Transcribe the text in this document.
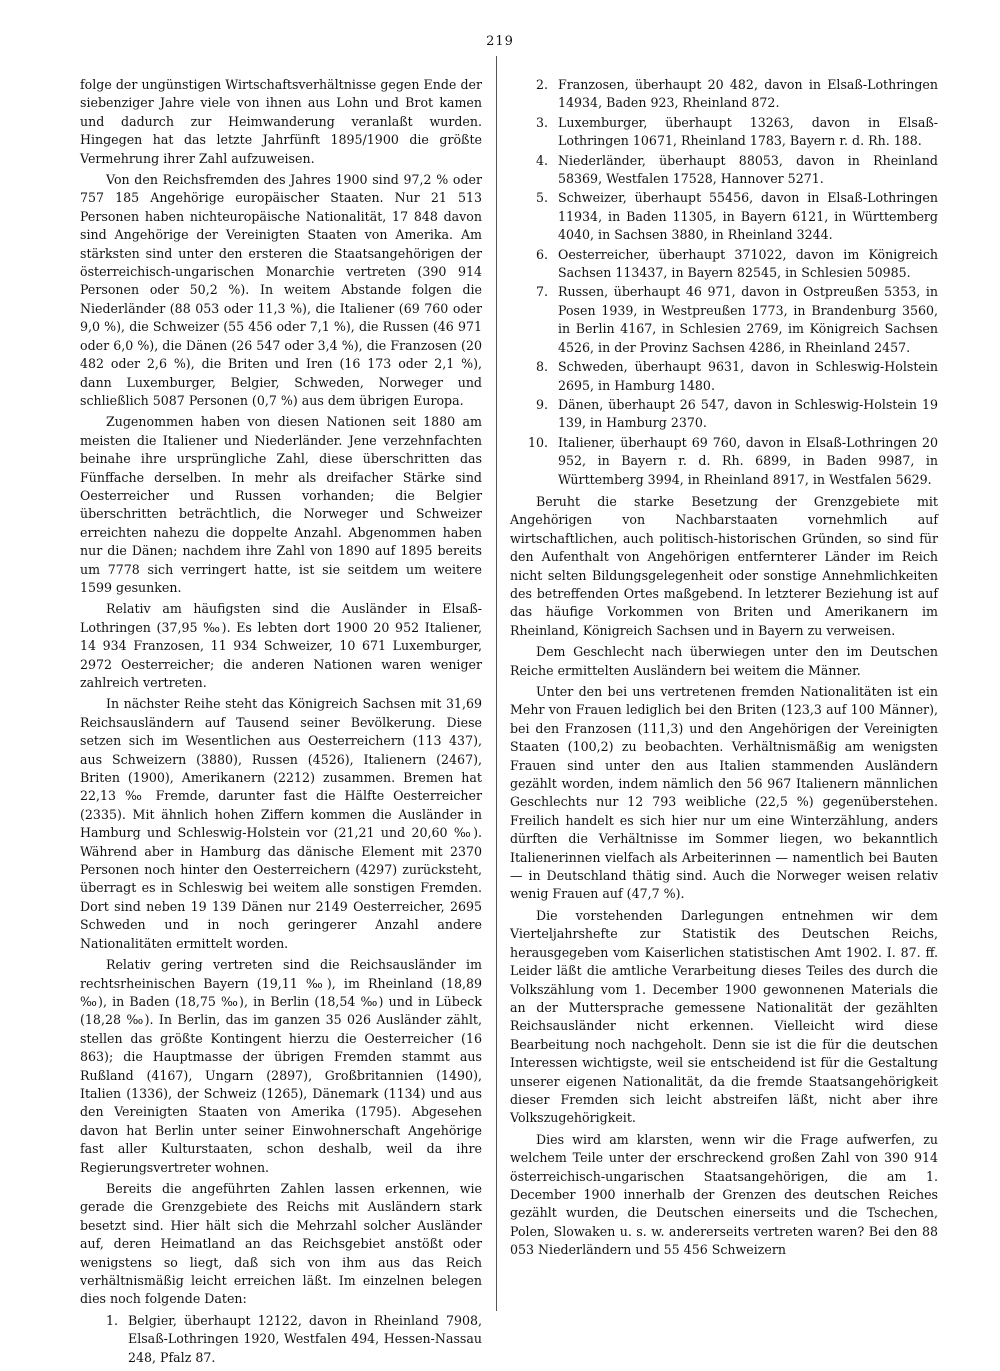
219

folge der ungünstigen Wirtschaftsverhältnisse gegen Ende der siebenziger Jahre viele von ihnen aus Lohn und Brot kamen und dadurch zur Heimwanderung veranlaßt wurden. Hingegen hat das letzte Jahrfünft 1895/1900 die größte Vermehrung ihrer Zahl aufzuweisen.

Von den Reichsfremden des Jahres 1900 sind 97,2 % oder 757 185 Angehörige europäischer Staaten. Nur 21 513 Personen haben nichteuropäische Nationalität, 17 848 davon sind Angehörige der Vereinigten Staaten von Amerika. Am stärksten sind unter den ersteren die Staatsangehörigen der österreichisch-ungarischen Monarchie vertreten (390 914 Personen oder 50,2 %). In weitem Abstande folgen die Niederländer (88 053 oder 11,3 %), die Italiener (69 760 oder 9,0 %), die Schweizer (55 456 oder 7,1 %), die Russen (46 971 oder 6,0 %), die Dänen (26 547 oder 3,4 %), die Franzosen (20 482 oder 2,6 %), die Briten und Iren (16 173 oder 2,1 %), dann Luxemburger, Belgier, Schweden, Norweger und schließlich 5087 Personen (0,7 %) aus dem übrigen Europa.

Zugenommen haben von diesen Nationen seit 1880 am meisten die Italiener und Niederländer. Jene verzehnfachten beinahe ihre ursprüngliche Zahl, diese überschritten das Fünffache derselben. In mehr als dreifacher Stärke sind Oesterreicher und Russen vorhanden; die Belgier überschritten beträchtlich, die Norweger und Schweizer erreichten nahezu die doppelte Anzahl. Abgenommen haben nur die Dänen; nachdem ihre Zahl von 1890 auf 1895 bereits um 7778 sich verringert hatte, ist sie seitdem um weitere 1599 gesunken.

Relativ am häufigsten sind die Ausländer in Elsaß-Lothringen (37,95 ‰). Es lebten dort 1900 20 952 Italiener, 14 934 Franzosen, 11 934 Schweizer, 10 671 Luxemburger, 2972 Oesterreicher; die anderen Nationen waren weniger zahlreich vertreten.

In nächster Reihe steht das Königreich Sachsen mit 31,69 Reichsausländern auf Tausend seiner Bevölkerung. Diese setzen sich im Wesentlichen aus Oesterreichern (113 437), aus Schweizern (3880), Russen (4526), Italienern (2467), Briten (1900), Amerikanern (2212) zusammen. Bremen hat 22,13 ‰ Fremde, darunter fast die Hälfte Oesterreicher (2335). Mit ähnlich hohen Ziffern kommen die Ausländer in Hamburg und Schleswig-Holstein vor (21,21 und 20,60 ‰). Während aber in Hamburg das dänische Element mit 2370 Personen noch hinter den Oesterreichern (4297) zurücksteht, überragt es in Schleswig bei weitem alle sonstigen Fremden. Dort sind neben 19 139 Dänen nur 2149 Oesterreicher, 2695 Schweden und in noch geringerer Anzahl andere Nationalitäten ermittelt worden.

Relativ gering vertreten sind die Reichsausländer im rechtsrheinischen Bayern (19,11 ‰), im Rheinland (18,89 ‰), in Baden (18,75 ‰), in Berlin (18,54 ‰) und in Lübeck (18,28 ‰). In Berlin, das im ganzen 35 026 Ausländer zählt, stellen das größte Kontingent hierzu die Oesterreicher (16 863); die Hauptmasse der übrigen Fremden stammt aus Rußland (4167), Ungarn (2897), Großbritannien (1490), Italien (1336), der Schweiz (1265), Dänemark (1134) und aus den Vereinigten Staaten von Amerika (1795). Abgesehen davon hat Berlin unter seiner Einwohnerschaft Angehörige fast aller Kulturstaaten, schon deshalb, weil da ihre Regierungsvertreter wohnen.

Bereits die angeführten Zahlen lassen erkennen, wie gerade die Grenzgebiete des Reichs mit Ausländern stark besetzt sind. Hier hält sich die Mehrzahl solcher Ausländer auf, deren Heimatland an das Reichsgebiet anstößt oder wenigstens so liegt, daß sich von ihm aus das Reich verhältnismäßig leicht erreichen läßt. Im einzelnen belegen dies noch folgende Daten:

1. Belgier, überhaupt 12122, davon in Rheinland 7908, Elsaß-Lothringen 1920, Westfalen 494, Hessen-Nassau 248, Pfalz 87.
2. Franzosen, überhaupt 20 482, davon in Elsaß-Lothringen 14934, Baden 923, Rheinland 872.
3. Luxemburger, überhaupt 13263, davon in Elsaß-Lothringen 10671, Rheinland 1783, Bayern r. d. Rh. 188.
4. Niederländer, überhaupt 88053, davon in Rheinland 58369, Westfalen 17528, Hannover 5271.
5. Schweizer, überhaupt 55456, davon in Elsaß-Lothringen 11934, in Baden 11305, in Bayern 6121, in Württemberg 4040, in Sachsen 3880, in Rheinland 3244.
6. Oesterreicher, überhaupt 371022, davon im Königreich Sachsen 113437, in Bayern 82545, in Schlesien 50985.
7. Russen, überhaupt 46 971, davon in Ostpreußen 5353, in Posen 1939, in Westpreußen 1773, in Brandenburg 3560, in Berlin 4167, in Schlesien 2769, im Königreich Sachsen 4526, in der Provinz Sachsen 4286, in Rheinland 2457.
8. Schweden, überhaupt 9631, davon in Schleswig-Holstein 2695, in Hamburg 1480.
9. Dänen, überhaupt 26 547, davon in Schleswig-Holstein 19 139, in Hamburg 2370.
10. Italiener, überhaupt 69 760, davon in Elsaß-Lothringen 20 952, in Bayern r. d. Rh. 6899, in Baden 9987, in Württemberg 3994, in Rheinland 8917, in Westfalen 5629.

Beruht die starke Besetzung der Grenzgebiete mit Angehörigen von Nachbarstaaten vornehmlich auf wirtschaftlichen, auch politisch-historischen Gründen, so sind für den Aufenthalt von Angehörigen entfernterer Länder im Reich nicht selten Bildungsgelegenheit oder sonstige Annehmlichkeiten des betreffenden Ortes maßgebend. In letzterer Beziehung ist auf das häufige Vorkommen von Briten und Amerikanern im Rheinland, Königreich Sachsen und in Bayern zu verweisen.

Dem Geschlecht nach überwiegen unter den im Deutschen Reiche ermittelten Ausländern bei weitem die Männer.

Unter den bei uns vertretenen fremden Nationalitäten ist ein Mehr von Frauen lediglich bei den Briten (123,3 auf 100 Männer), bei den Franzosen (111,3) und den Angehörigen der Vereinigten Staaten (100,2) zu beobachten. Verhältnismäßig am wenigsten Frauen sind unter den aus Italien stammenden Ausländern gezählt worden, indem nämlich den 56 967 Italienern männlichen Geschlechts nur 12 793 weibliche (22,5 %) gegenüberstehen. Freilich handelt es sich hier nur um eine Winterzählung, anders dürften die Verhältnisse im Sommer liegen, wo bekanntlich Italienerinnen vielfach als Arbeiterinnen — namentlich bei Bauten — in Deutschland thätig sind. Auch die Norweger weisen relativ wenig Frauen auf (47,7 %).

Die vorstehenden Darlegungen entnehmen wir dem Vierteljahrshefte zur Statistik des Deutschen Reichs, herausgegeben vom Kaiserlichen statistischen Amt 1902. I. 87. ff. Leider läßt die amtliche Verarbeitung dieses Teiles des durch die Volkszählung vom 1. December 1900 gewonnenen Materials die an der Muttersprache gemessene Nationalität der gezählten Reichsausländer nicht erkennen. Vielleicht wird diese Bearbeitung noch nachgeholt. Denn sie ist die für die deutschen Interessen wichtigste, weil sie entscheidend ist für die Gestaltung unserer eigenen Nationalität, da die fremde Staatsangehörigkeit dieser Fremden sich leicht abstreifen läßt, nicht aber ihre Volkszugehörigkeit.

Dies wird am klarsten, wenn wir die Frage aufwerfen, zu welchem Teile unter der erschreckend großen Zahl von 390 914 österreichisch-ungarischen Staatsangehörigen, die am 1. December 1900 innerhalb der Grenzen des deutschen Reiches gezählt wurden, die Deutschen einerseits und die Tschechen, Polen, Slowaken u. s. w. andererseits vertreten waren? Bei den 88 053 Niederländern und 55 456 Schweizern
